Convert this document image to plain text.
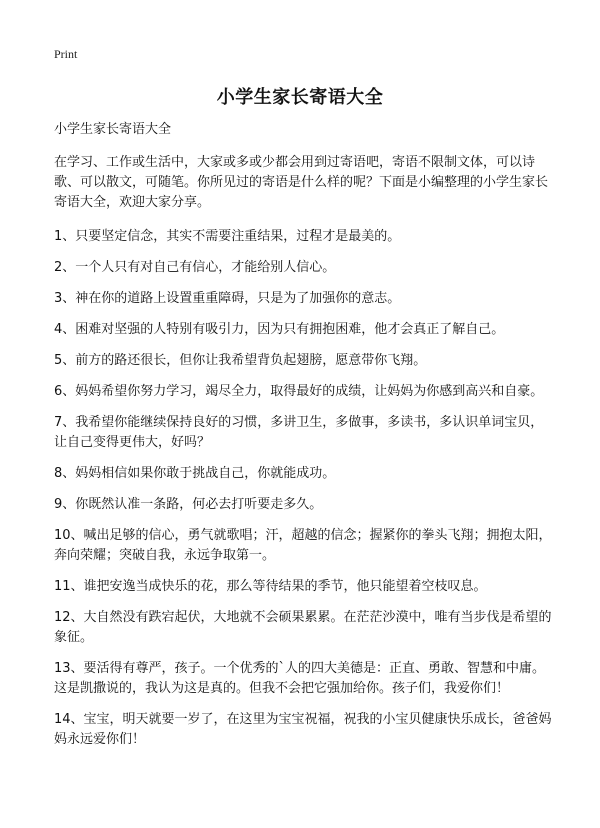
Print
小学生家长寄语大全

小学生家长寄语大全

在学习、工作或生活中，大家或多或少都会用到过寄语吧，寄语不限制文体，可以诗歌、可以散文，可随笔。你所见过的寄语是什么样的呢？下面是小编整理的小学生家长寄语大全，欢迎大家分享。

1、只要坚定信念，其实不需要注重结果，过程才是最美的。

2、一个人只有对自己有信心，才能给别人信心。

3、神在你的道路上设置重重障碍，只是为了加强你的意志。

4、困难对坚强的人特别有吸引力，因为只有拥抱困难，他才会真正了解自己。

5、前方的路还很长，但你让我希望背负起翅膀，愿意带你飞翔。

6、妈妈希望你努力学习，竭尽全力，取得最好的成绩，让妈妈为你感到高兴和自豪。

7、我希望你能继续保持良好的习惯，多讲卫生，多做事，多读书，多认识单词宝贝，让自己变得更伟大，好吗？

8、妈妈相信如果你敢于挑战自己，你就能成功。

9、你既然认准一条路，何必去打听要走多久。

10、喊出足够的信心，勇气就歌唱；汗，超越的信念；握紧你的拳头飞翔；拥抱太阳，奔向荣耀；突破自我，永远争取第一。

11、谁把安逸当成快乐的花，那么等待结果的季节，他只能望着空枝叹息。

12、大自然没有跌宕起伏，大地就不会硕果累累。在茫茫沙漠中，唯有当步伐是希望的象征。

13、要活得有尊严，孩子。一个优秀的`人的四大美德是：正直、勇敢、智慧和中庸。这是凯撒说的，我认为这是真的。但我不会把它强加给你。孩子们，我爱你们！

14、宝宝，明天就要一岁了，在这里为宝宝祝福，祝我的小宝贝健康快乐成长，爸爸妈妈永远爱你们！
